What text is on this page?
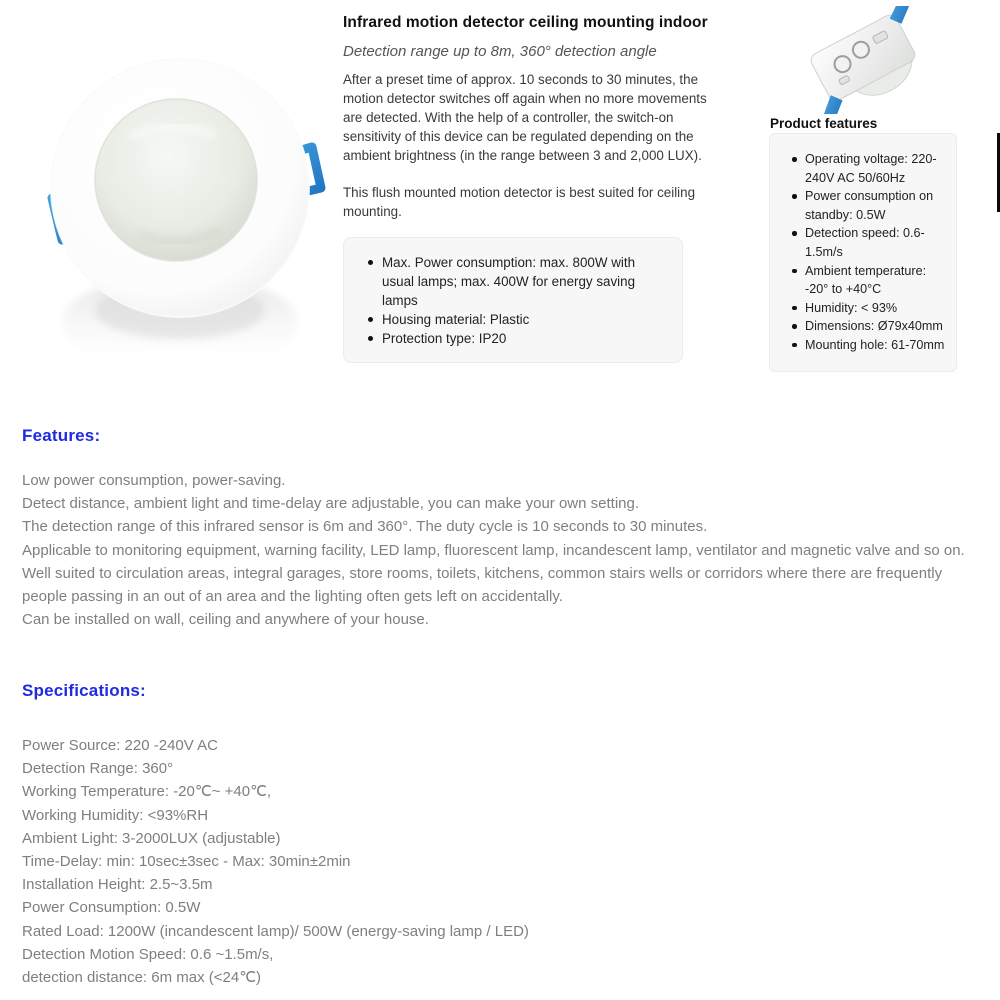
Infrared motion detector ceiling mounting indoor
Detection range up to 8m, 360° detection angle

After a preset time of approx. 10 seconds to 30 minutes, the motion detector switches off again when no more movements are detected. With the help of a controller, the switch-on sensitivity of this device can be regulated depending on the ambient brightness (in the range between 3 and 2,000 LUX).

This flush mounted motion detector is best suited for ceiling mounting.

Max. Power consumption: max. 800W with usual lamps; max. 400W for energy saving lamps
Housing material: Plastic
Protection type: IP20
Product features
Operating voltage: 220-240V AC 50/60Hz
Power consumption on standby: 0.5W
Detection speed: 0.6-1.5m/s
Ambient temperature: -20° to +40°C
Humidity: < 93%
Dimensions: Ø79x40mm
Mounting hole: 61-70mm
Features:
Low power consumption, power-saving.
Detect distance, ambient light and time-delay are adjustable, you can make your own setting.
The detection range of this infrared sensor is 6m and 360°. The duty cycle is 10 seconds to 30 minutes.
Applicable to monitoring equipment, warning facility, LED lamp, fluorescent lamp, incandescent lamp, ventilator and magnetic valve and so on.
Well suited to circulation areas, integral garages, store rooms, toilets, kitchens, common stairs wells or corridors where there are frequently people passing in an out of an area and the lighting often gets left on accidentally.
Can be installed on wall, ceiling and anywhere of your house.
Specifications:
Power Source: 220 -240V AC
Detection Range: 360°
Working Temperature: -20℃~ +40℃,
Working Humidity: <93%RH
Ambient Light: 3-2000LUX (adjustable)
Time-Delay: min: 10sec±3sec - Max: 30min±2min
Installation Height: 2.5~3.5m
Power Consumption: 0.5W
Rated Load: 1200W (incandescent lamp)/ 500W (energy-saving lamp / LED)
Detection Motion Speed: 0.6 ~1.5m/s,
detection distance: 6m max (<24℃)
